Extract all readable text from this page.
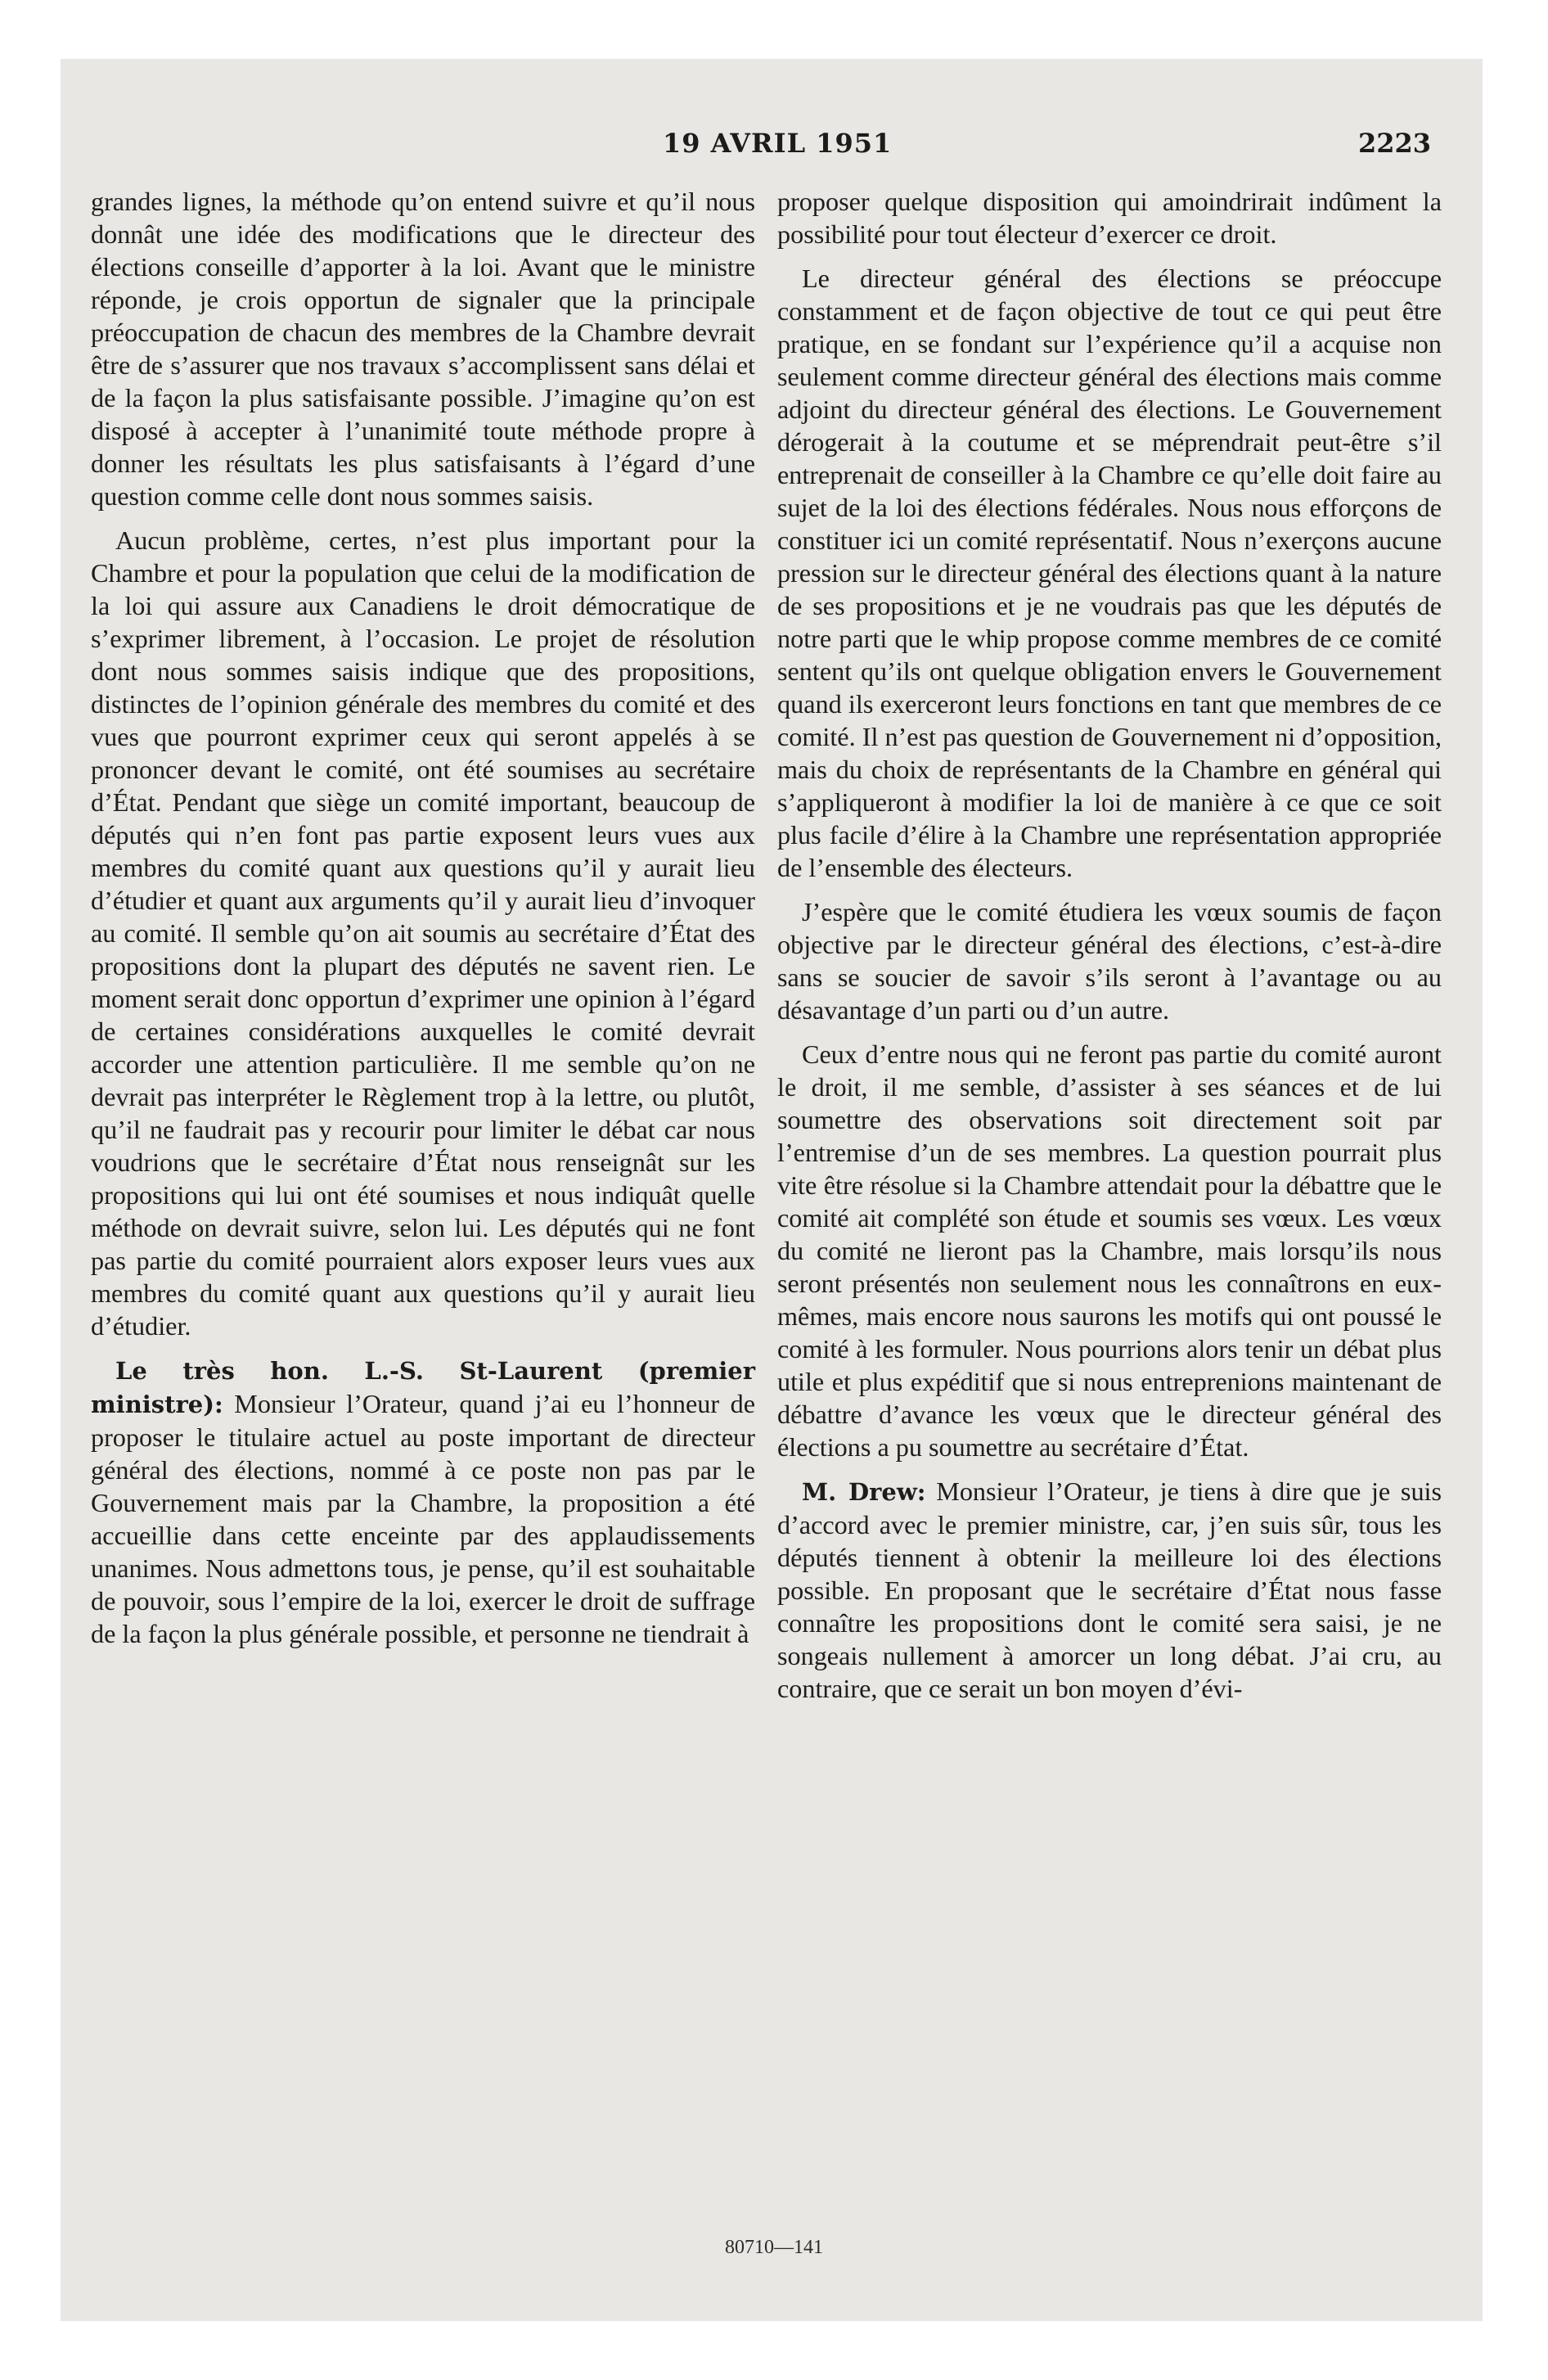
19 AVRIL 1951	2223

grandes lignes, la méthode qu’on entend suivre et qu’il nous donnât une idée des modifications que le directeur des élections conseille d’apporter à la loi. Avant que le ministre réponde, je crois opportun de signaler que la principale préoccupation de chacun des membres de la Chambre devrait être de s’assurer que nos travaux s’accomplissent sans délai et de la façon la plus satisfaisante possible. J’imagine qu’on est disposé à accepter à l’unanimité toute méthode propre à donner les résultats les plus satisfaisants à l’égard d’une question comme celle dont nous sommes saisis.

Aucun problème, certes, n’est plus important pour la Chambre et pour la population que celui de la modification de la loi qui assure aux Canadiens le droit démocratique de s’exprimer librement, à l’occasion. Le projet de résolution dont nous sommes saisis indique que des propositions, distinctes de l’opinion générale des membres du comité et des vues que pourront exprimer ceux qui seront appelés à se prononcer devant le comité, ont été soumises au secrétaire d’État. Pendant que siège un comité important, beaucoup de députés qui n’en font pas partie exposent leurs vues aux membres du comité quant aux questions qu’il y aurait lieu d’étudier et quant aux arguments qu’il y aurait lieu d’invoquer au comité. Il semble qu’on ait soumis au secrétaire d’État des propositions dont la plupart des députés ne savent rien. Le moment serait donc opportun d’exprimer une opinion à l’égard de certaines considérations auxquelles le comité devrait accorder une attention particulière. Il me semble qu’on ne devrait pas interpréter le Règlement trop à la lettre, ou plutôt, qu’il ne faudrait pas y recourir pour limiter le débat car nous voudrions que le secrétaire d’État nous renseignât sur les propositions qui lui ont été soumises et nous indiquât quelle méthode on devrait suivre, selon lui. Les députés qui ne font pas partie du comité pourraient alors exposer leurs vues aux membres du comité quant aux questions qu’il y aurait lieu d’étudier.

Le très hon. L.-S. St-Laurent (premier ministre): Monsieur l’Orateur, quand j’ai eu l’honneur de proposer le titulaire actuel au poste important de directeur général des élections, nommé à ce poste non pas par le Gouvernement mais par la Chambre, la proposition a été accueillie dans cette enceinte par des applaudissements unanimes. Nous admettons tous, je pense, qu’il est souhaitable de pouvoir, sous l’empire de la loi, exercer le droit de suffrage de la façon la plus générale possible, et personne ne tiendrait à

proposer quelque disposition qui amoindrirait indûment la possibilité pour tout électeur d’exercer ce droit.

Le directeur général des élections se préoccupe constamment et de façon objective de tout ce qui peut être pratique, en se fondant sur l’expérience qu’il a acquise non seulement comme directeur général des élections mais comme adjoint du directeur général des élections. Le Gouvernement dérogerait à la coutume et se méprendrait peut-être s’il entreprenait de conseiller à la Chambre ce qu’elle doit faire au sujet de la loi des élections fédérales. Nous nous efforçons de constituer ici un comité représentatif. Nous n’exerçons aucune pression sur le directeur général des élections quant à la nature de ses propositions et je ne voudrais pas que les députés de notre parti que le whip propose comme membres de ce comité sentent qu’ils ont quelque obligation envers le Gouvernement quand ils exerceront leurs fonctions en tant que membres de ce comité. Il n’est pas question de Gouvernement ni d’opposition, mais du choix de représentants de la Chambre en général qui s’appliqueront à modifier la loi de manière à ce que ce soit plus facile d’élire à la Chambre une représentation appropriée de l’ensemble des électeurs.

J’espère que le comité étudiera les vœux soumis de façon objective par le directeur général des élections, c’est-à-dire sans se soucier de savoir s’ils seront à l’avantage ou au désavantage d’un parti ou d’un autre.

Ceux d’entre nous qui ne feront pas partie du comité auront le droit, il me semble, d’assister à ses séances et de lui soumettre des observations soit directement soit par l’entremise d’un de ses membres. La question pourrait plus vite être résolue si la Chambre attendait pour la débattre que le comité ait complété son étude et soumis ses vœux. Les vœux du comité ne lieront pas la Chambre, mais lorsqu’ils nous seront présentés non seulement nous les connaîtrons en eux-mêmes, mais encore nous saurons les motifs qui ont poussé le comité à les formuler. Nous pourrions alors tenir un débat plus utile et plus expéditif que si nous entreprenions maintenant de débattre d’avance les vœux que le directeur général des élections a pu soumettre au secrétaire d’État.

M. Drew: Monsieur l’Orateur, je tiens à dire que je suis d’accord avec le premier ministre, car, j’en suis sûr, tous les députés tiennent à obtenir la meilleure loi des élections possible. En proposant que le secrétaire d’État nous fasse connaître les propositions dont le comité sera saisi, je ne songeais nullement à amorcer un long débat. J’ai cru, au contraire, que ce serait un bon moyen d’évi-

80710—141
